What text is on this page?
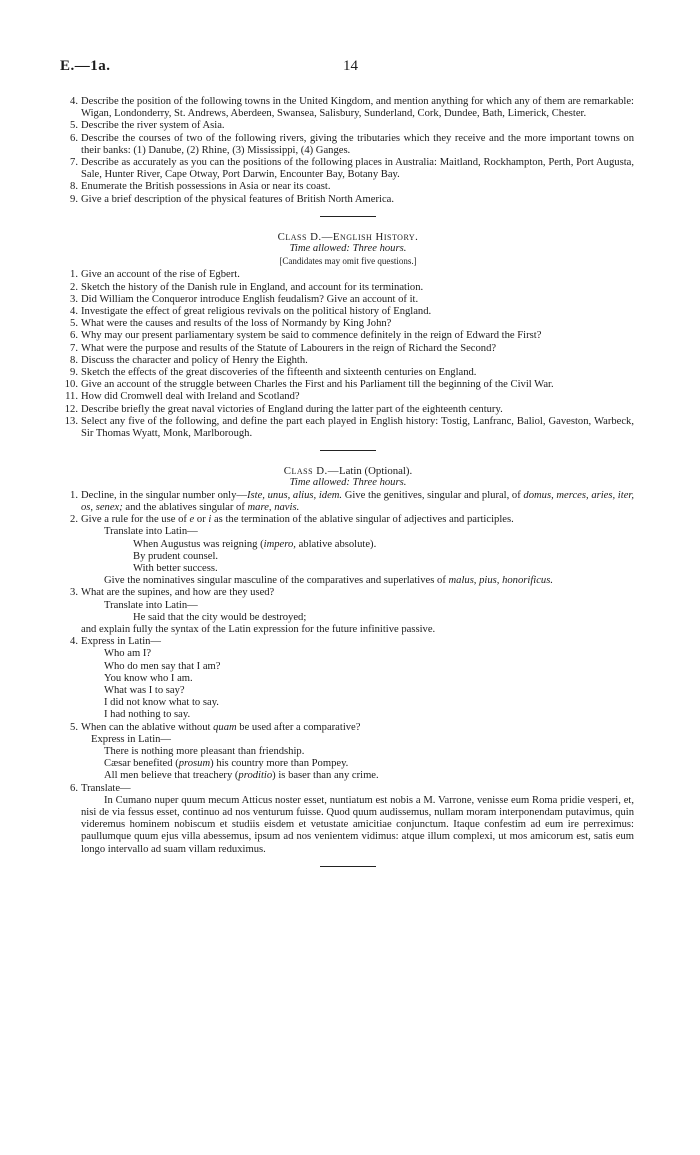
E.—1a.	14
4. Describe the position of the following towns in the United Kingdom, and mention anything for which any of them are remarkable: Wigan, Londonderry, St. Andrews, Aberdeen, Swansea, Salisbury, Sunderland, Cork, Dundee, Bath, Limerick, Chester.
5. Describe the river system of Asia.
6. Describe the courses of two of the following rivers, giving the tributaries which they receive and the more important towns on their banks: (1) Danube, (2) Rhine, (3) Mississippi, (4) Ganges.
7. Describe as accurately as you can the positions of the following places in Australia: Maitland, Rockhampton, Perth, Port Augusta, Sale, Hunter River, Cape Otway, Port Darwin, Encounter Bay, Botany Bay.
8. Enumerate the British possessions in Asia or near its coast.
9. Give a brief description of the physical features of British North America.
Class D.—English History.
Time allowed: Three hours.
[Candidates may omit five questions.]
1. Give an account of the rise of Egbert.
2. Sketch the history of the Danish rule in England, and account for its termination.
3. Did William the Conqueror introduce English feudalism? Give an account of it.
4. Investigate the effect of great religious revivals on the political history of England.
5. What were the causes and results of the loss of Normandy by King John?
6. Why may our present parliamentary system be said to commence definitely in the reign of Edward the First?
7. What were the purpose and results of the Statute of Labourers in the reign of Richard the Second?
8. Discuss the character and policy of Henry the Eighth.
9. Sketch the effects of the great discoveries of the fifteenth and sixteenth centuries on England.
10. Give an account of the struggle between Charles the First and his Parliament till the beginning of the Civil War.
11. How did Cromwell deal with Ireland and Scotland?
12. Describe briefly the great naval victories of England during the latter part of the eighteenth century.
13. Select any five of the following, and define the part each played in English history: Tostig, Lanfranc, Baliol, Gaveston, Warbeck, Sir Thomas Wyatt, Monk, Marlborough.
Class D.—Latin (Optional).
Time allowed: Three hours.
1. Decline, in the singular number only—Iste, unus, alius, idem. Give the genitives, singular and plural, of domus, merces, aries, iter, os, senex; and the ablatives singular of mare, navis.
2. Give a rule for the use of e or i as the termination of the ablative singular of adjectives and participles.
Translate into Latin—
When Augustus was reigning (impero, ablative absolute).
By prudent counsel.
With better success.
Give the nominatives singular masculine of the comparatives and superlatives of malus, pius, honorificus.
3. What are the supines, and how are they used?
Translate into Latin—
He said that the city would be destroyed;
and explain fully the syntax of the Latin expression for the future infinitive passive.
4. Express in Latin—
Who am I?
Who do men say that I am?
You know who I am.
What was I to say?
I did not know what to say.
I had nothing to say.
5. When can the ablative without quam be used after a comparative?
Express in Latin—
There is nothing more pleasant than friendship.
Cæsar benefited (prosum) his country more than Pompey.
All men believe that treachery (proditio) is baser than any crime.
6. Translate—
In Cumano nuper quum mecum Atticus noster esset, nuntiatum est nobis a M. Varrone, venisse eum Roma pridie vesperi, et, nisi de via fessus esset, continuo ad nos venturum fuisse. Quod quum audissemus, nullam moram interponendam putavimus, quin videremus hominem nobiscum et studiis eisdem et vetustate amicitiae conjunctum. Itaque confestim ad eum ire perreximus: paullumque quum ejus villa abessemus, ipsum ad nos venientem vidimus: atque illum complexi, ut mos amicorum est, satis eum longo intervallo ad suam villam reduximus.
